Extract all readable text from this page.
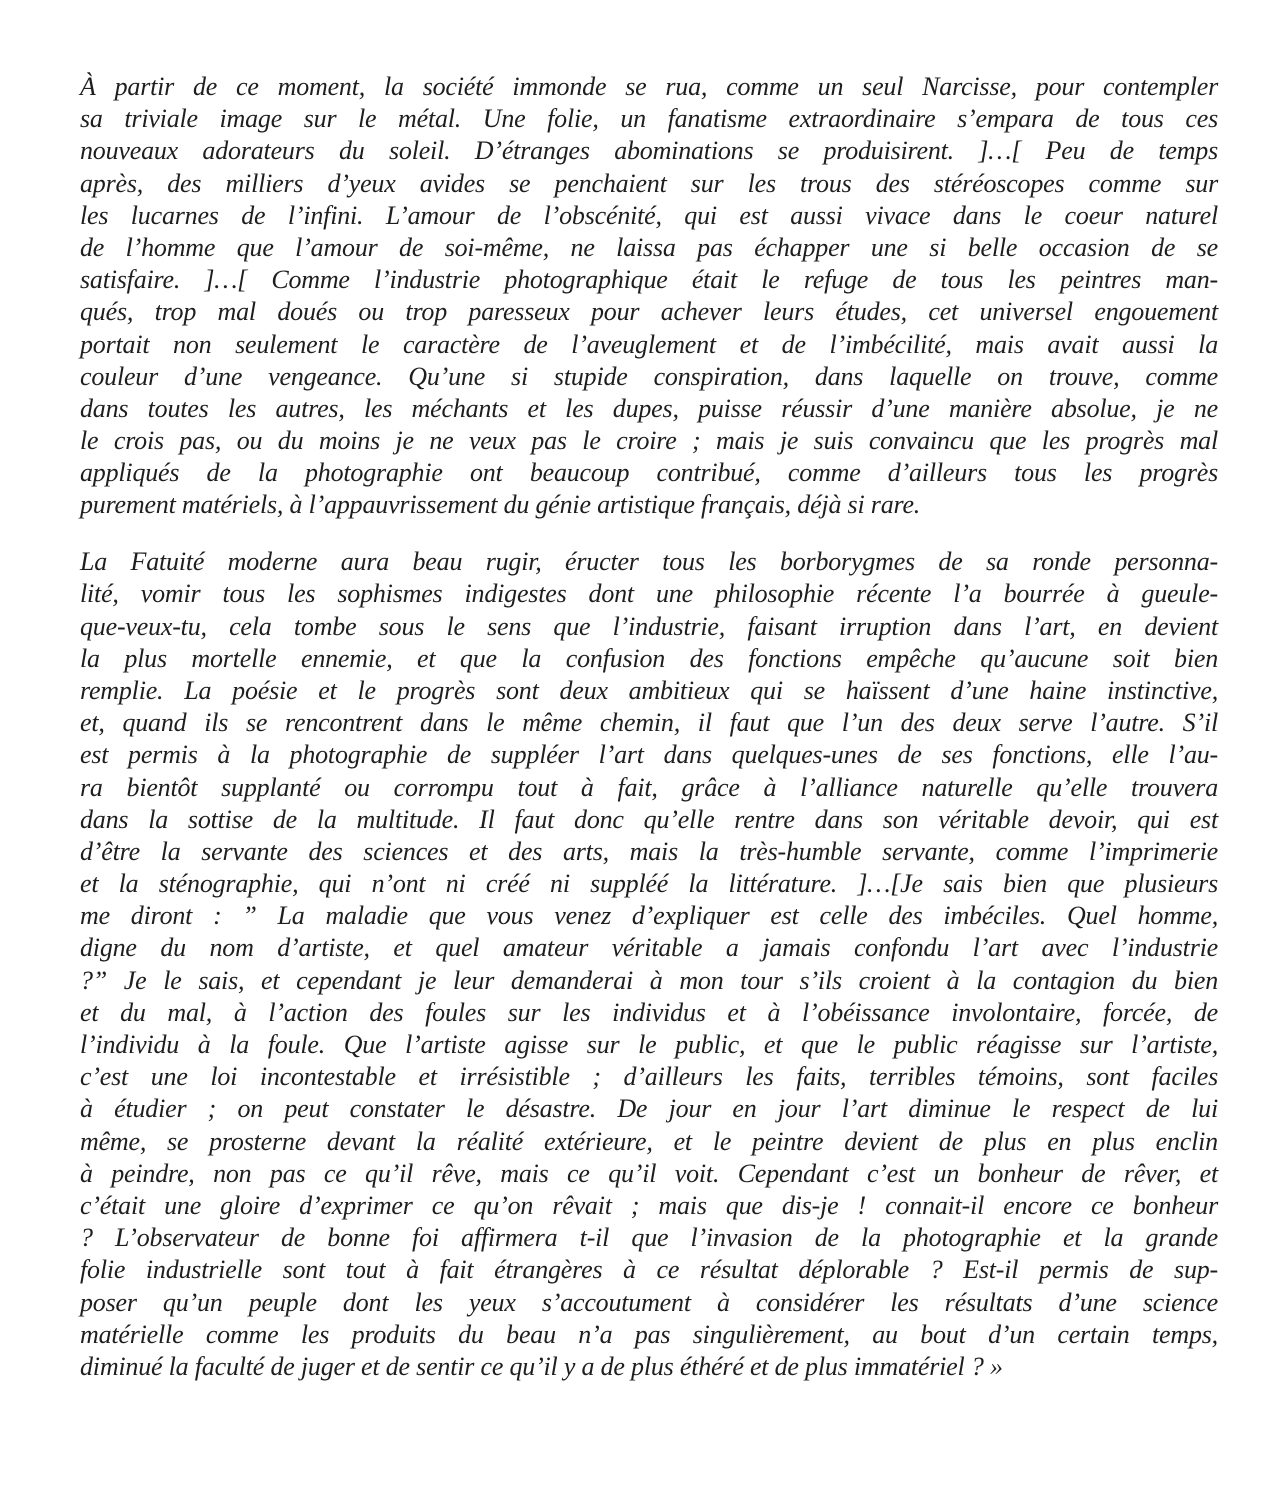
À partir de ce moment, la société immonde se rua, comme un seul Narcisse, pour contempler
sa triviale image sur le métal. Une folie, un fanatisme extraordinaire s’empara de tous ces
nouveaux adorateurs du soleil. D’étranges abominations se produisirent. ]…[ Peu de temps
après, des milliers d’yeux avides se penchaient sur les trous des stéréoscopes comme sur
les lucarnes de l’infini. L’amour de l’obscénité, qui est aussi vivace dans le coeur naturel
de l’homme que l’amour de soi-même, ne laissa pas échapper une si belle occasion de se
satisfaire. ]…[ Comme l’industrie photographique était le refuge de tous les peintres man-
qués, trop mal doués ou trop paresseux pour achever leurs études, cet universel engouement
portait non seulement le caractère de l’aveuglement et de l’imbécilité, mais avait aussi la
couleur d’une vengeance. Qu’une si stupide conspiration, dans laquelle on trouve, comme
dans toutes les autres, les méchants et les dupes, puisse réussir d’une manière absolue, je ne
le crois pas, ou du moins je ne veux pas le croire ; mais je suis convaincu que les progrès mal
appliqués de la photographie ont beaucoup contribué, comme d’ailleurs tous les progrès
purement matériels, à l’appauvrissement du génie artistique français, déjà si rare.
La Fatuité moderne aura beau rugir, éructer tous les borborygmes de sa ronde personna-
lité, vomir tous les sophismes indigestes dont une philosophie récente l’a bourrée à gueule-
que-veux-tu, cela tombe sous le sens que l’industrie, faisant irruption dans l’art, en devient
la plus mortelle ennemie, et que la confusion des fonctions empêche qu’aucune soit bien
remplie. La poésie et le progrès sont deux ambitieux qui se haïssent d’une haine instinctive,
et, quand ils se rencontrent dans le même chemin, il faut que l’un des deux serve l’autre. S’il
est permis à la photographie de suppléer l’art dans quelques-unes de ses fonctions, elle l’au-
ra bientôt supplanté ou corrompu tout à fait, grâce à l’alliance naturelle qu’elle trouvera
dans la sottise de la multitude. Il faut donc qu’elle rentre dans son véritable devoir, qui est
d’être la servante des sciences et des arts, mais la très-humble servante, comme l’imprimerie
et la sténographie, qui n’ont ni créé ni suppléé la littérature. ]…[Je sais bien que plusieurs
me diront : ” La maladie que vous venez d’expliquer est celle des imbéciles. Quel homme,
digne du nom d’artiste, et quel amateur véritable a jamais confondu l’art avec l’industrie
?” Je le sais, et cependant je leur demanderai à mon tour s’ils croient à la contagion du bien
et du mal, à l’action des foules sur les individus et à l’obéissance involontaire, forcée, de
l’individu à la foule. Que l’artiste agisse sur le public, et que le public réagisse sur l’artiste,
c’est une loi incontestable et irrésistible ; d’ailleurs les faits, terribles témoins, sont faciles
à étudier ; on peut constater le désastre. De jour en jour l’art diminue le respect de lui
même, se prosterne devant la réalité extérieure, et le peintre devient de plus en plus enclin
à peindre, non pas ce qu’il rêve, mais ce qu’il voit. Cependant c’est un bonheur de rêver, et
c’était une gloire d’exprimer ce qu’on rêvait ; mais que dis-je ! connait-il encore ce bonheur
? L’observateur de bonne foi affirmera t-il que l’invasion de la photographie et la grande
folie industrielle sont tout à fait étrangères à ce résultat déplorable ? Est-il permis de sup-
poser qu’un peuple dont les yeux s’accoutument à considérer les résultats d’une science
matérielle comme les produits du beau n’a pas singulièrement, au bout d’un certain temps,
diminué la faculté de juger et de sentir ce qu’il y a de plus éthéré et de plus immatériel ? »
